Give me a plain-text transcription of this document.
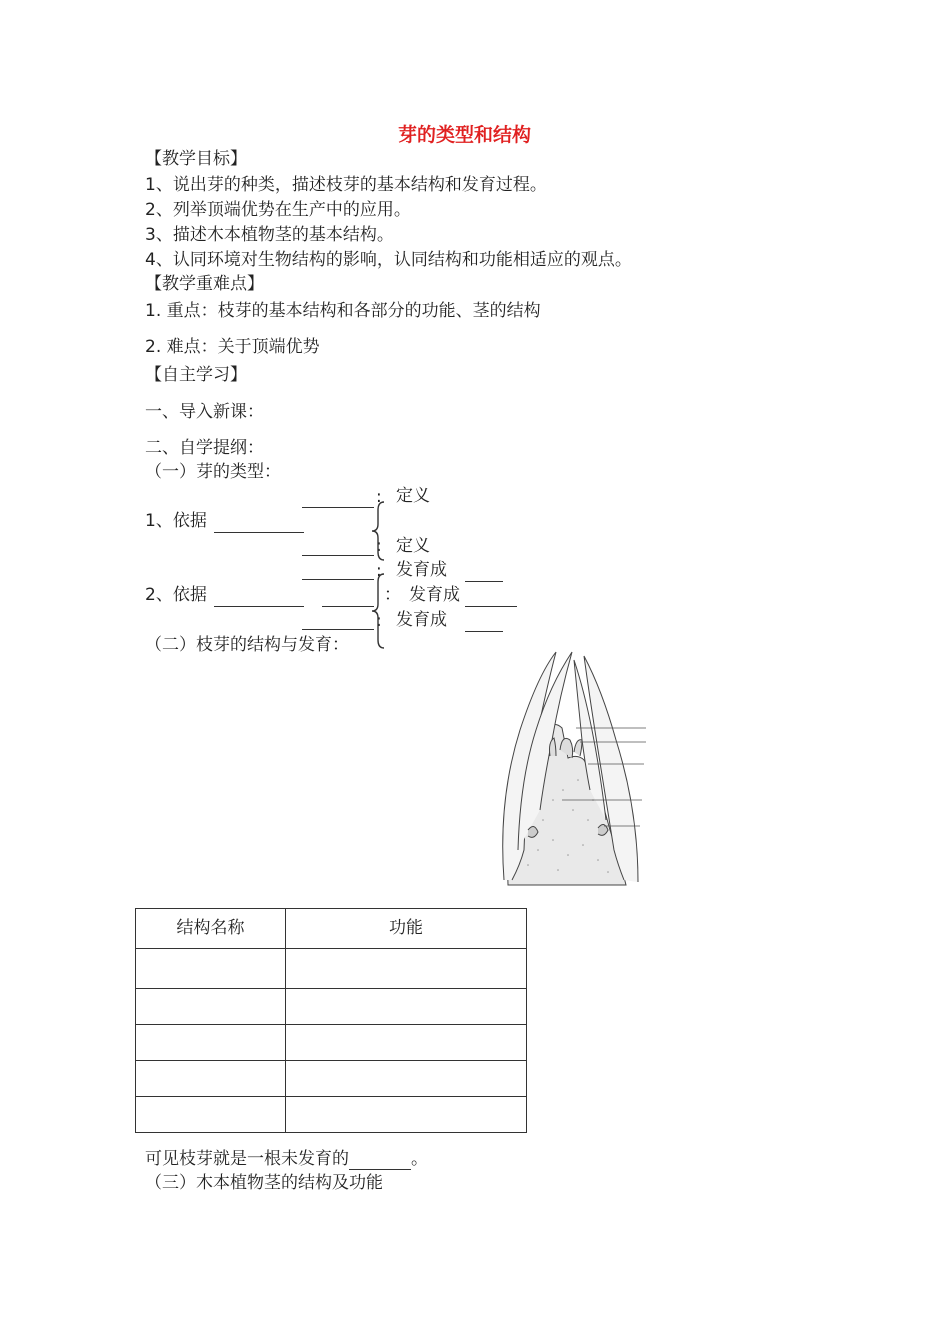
芽的类型和结构
【教学目标】
1、说出芽的种类，描述枝芽的基本结构和发育过程。
2、列举顶端优势在生产中的应用。
3、描述木本植物茎的基本结构。
4、认同环境对生物结构的影响，认同结构和功能相适应的观点。
【教学重难点】
1. 重点：枝芽的基本结构和各部分的功能、茎的结构
2. 难点：关于顶端优势
【自主学习】
一、导入新课：
二、自学提纲：
（一）芽的类型：
: 定义
1、依据
: 定义
: 发育成
2、依据	： 发育成
: 发育成
（二）枝芽的结构与发育：
结构名称	功能

可见枝芽就是一根未发育的	。
（三）木本植物茎的结构及功能
